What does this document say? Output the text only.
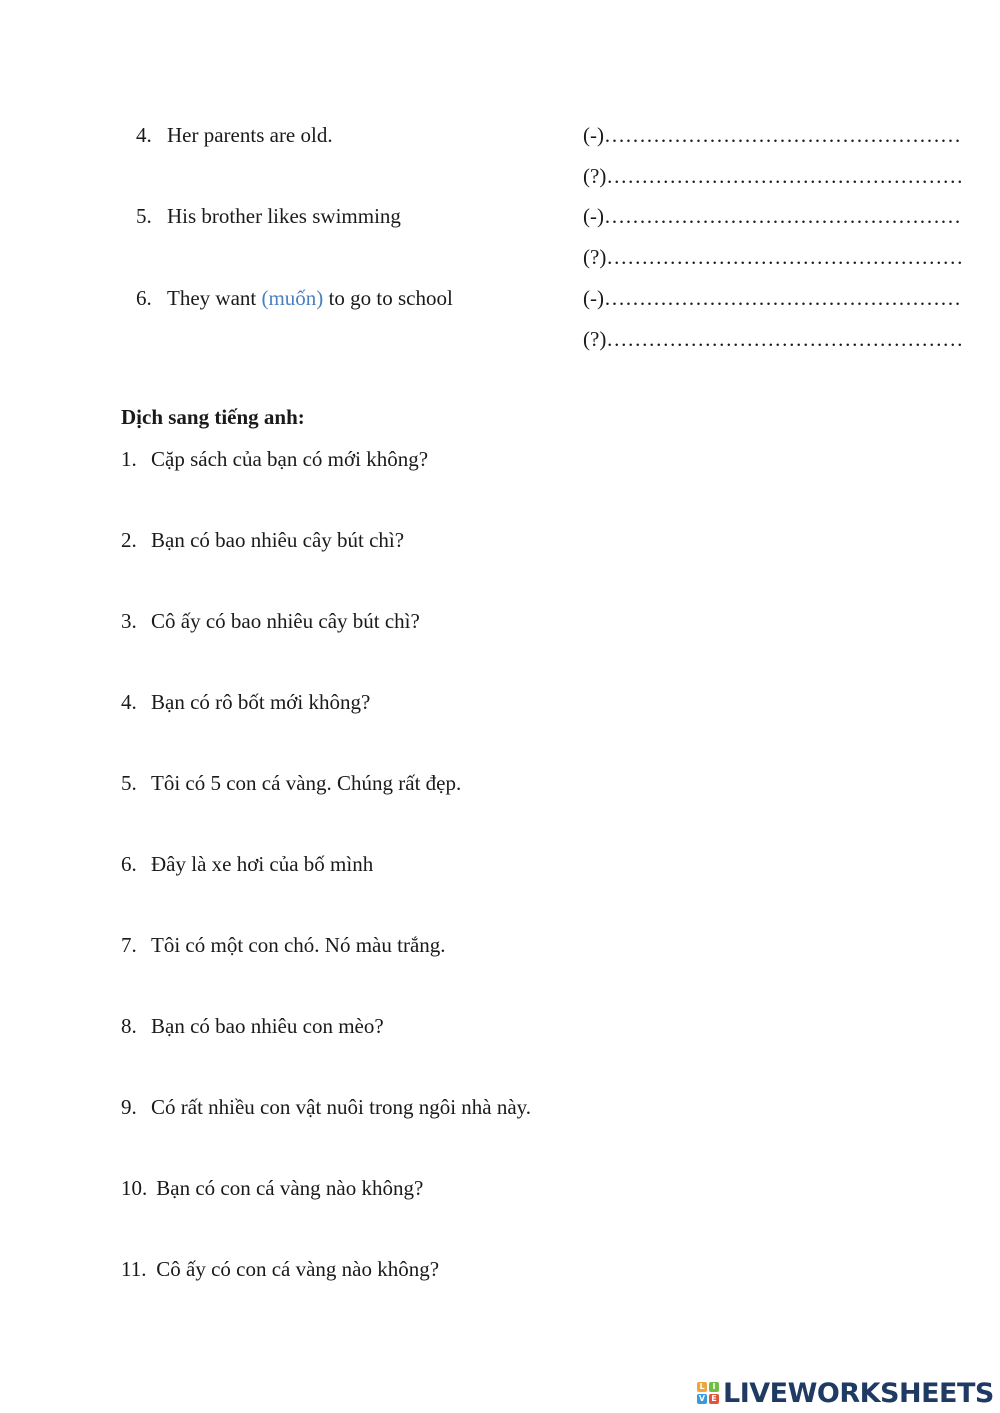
4. Her parents are old.	(-)……………………………………………
(?)……………………………………………
5. His brother likes swimming	(-)……………………………………………
(?)……………………………………………
6. They want (muốn) to go to school	(-)……………………………………………
(?)……………………………………………
Dịch sang tiếng anh:
1. Cặp sách của bạn có mới không?
2. Bạn có bao nhiêu cây bút chì?
3. Cô ấy có bao nhiêu cây bút chì?
4. Bạn có rô bốt mới không?
5. Tôi có 5 con cá vàng. Chúng rất đẹp.
6. Đây là xe hơi của bố mình
7. Tôi có một con chó. Nó màu trắng.
8. Bạn có bao nhiêu con mèo?
9. Có rất nhiều con vật nuôi trong ngôi nhà này.
10. Bạn có con cá vàng nào không?
11. Cô ấy có con cá vàng nào không?
L I
V E LIVEWORKSHEETS
